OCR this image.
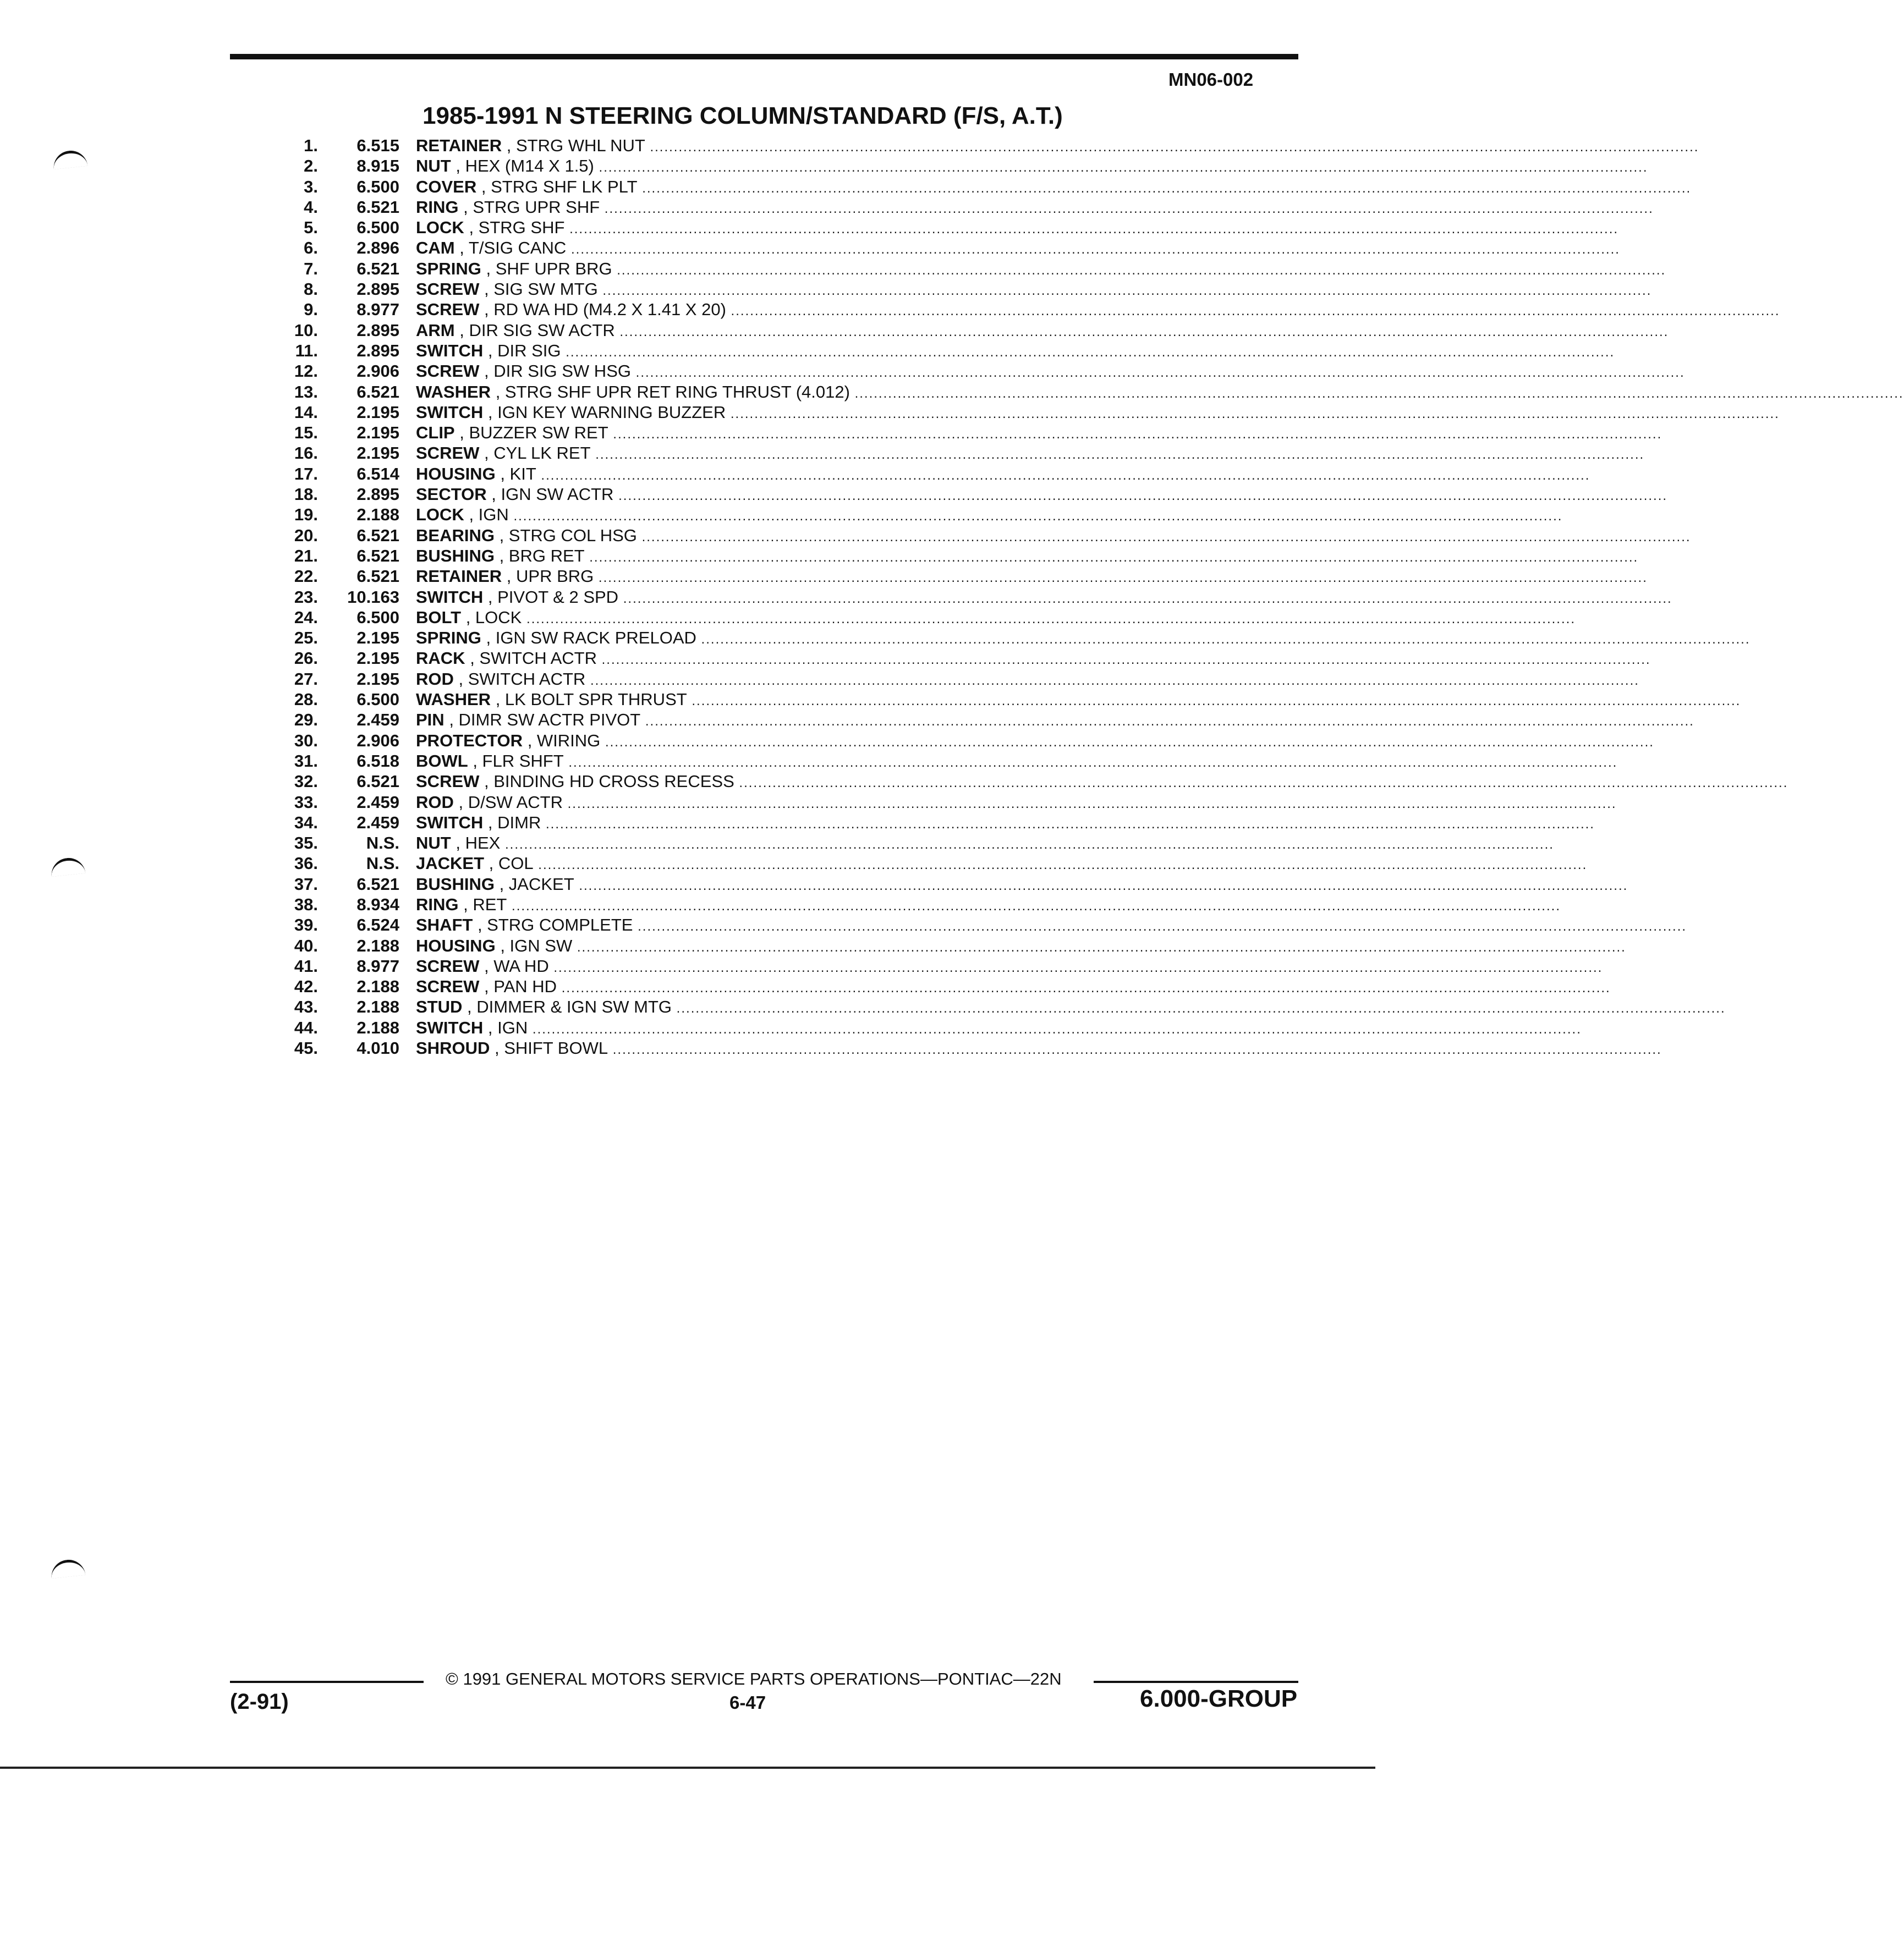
MN06-002
1985-1991 N STEERING COLUMN/STANDARD (F/S, A.T.)
1.	6.515 RETAINER , STRG WHL NUT ............................................................................................................................................................................................................................
2.	8.915 NUT , HEX (M14 X 1.5) ............................................................................................................................................................................................................................
3.	6.500 COVER , STRG SHF LK PLT ............................................................................................................................................................................................................................
4.	6.521 RING , STRG UPR SHF ............................................................................................................................................................................................................................
5.	6.500 LOCK , STRG SHF ............................................................................................................................................................................................................................
6.	2.896 CAM , T/SIG CANC ............................................................................................................................................................................................................................
7.	6.521 SPRING , SHF UPR BRG ............................................................................................................................................................................................................................
8.	2.895 SCREW , SIG SW MTG ............................................................................................................................................................................................................................
9.	8.977 SCREW , RD WA HD (M4.2 X 1.41 X 20) ............................................................................................................................................................................................................................
10.	2.895 ARM , DIR SIG SW ACTR ............................................................................................................................................................................................................................
11.	2.895 SWITCH , DIR SIG ............................................................................................................................................................................................................................
12.	2.906 SCREW , DIR SIG SW HSG ............................................................................................................................................................................................................................
13.	6.521 WASHER , STRG SHF UPR RET RING THRUST (4.012) ............................................................................................................................................................................................................................
14.	2.195 SWITCH , IGN KEY WARNING BUZZER ............................................................................................................................................................................................................................
15.	2.195 CLIP , BUZZER SW RET ............................................................................................................................................................................................................................
16.	2.195 SCREW , CYL LK RET ............................................................................................................................................................................................................................
17.	6.514 HOUSING , KIT ............................................................................................................................................................................................................................
18.	2.895 SECTOR , IGN SW ACTR ............................................................................................................................................................................................................................
19.	2.188 LOCK , IGN ............................................................................................................................................................................................................................
20.	6.521 BEARING , STRG COL HSG ............................................................................................................................................................................................................................
21.	6.521 BUSHING , BRG RET ............................................................................................................................................................................................................................
22.	6.521 RETAINER , UPR BRG ............................................................................................................................................................................................................................
23.	10.163 SWITCH , PIVOT & 2 SPD ............................................................................................................................................................................................................................
24.	6.500 BOLT , LOCK ............................................................................................................................................................................................................................
25.	2.195 SPRING , IGN SW RACK PRELOAD ............................................................................................................................................................................................................................
26.	2.195 RACK , SWITCH ACTR ............................................................................................................................................................................................................................
27.	2.195 ROD , SWITCH ACTR ............................................................................................................................................................................................................................
28.	6.500 WASHER , LK BOLT SPR THRUST ............................................................................................................................................................................................................................
29.	2.459 PIN , DIMR SW ACTR PIVOT ............................................................................................................................................................................................................................
30.	2.906 PROTECTOR , WIRING ............................................................................................................................................................................................................................
31.	6.518 BOWL , FLR SHFT ............................................................................................................................................................................................................................
32.	6.521 SCREW , BINDING HD CROSS RECESS ............................................................................................................................................................................................................................
33.	2.459 ROD , D/SW ACTR ............................................................................................................................................................................................................................
34.	2.459 SWITCH , DIMR ............................................................................................................................................................................................................................
35.	N.S. NUT , HEX ............................................................................................................................................................................................................................
36.	N.S. JACKET , COL ............................................................................................................................................................................................................................
37.	6.521 BUSHING , JACKET ............................................................................................................................................................................................................................
38.	8.934 RING , RET ............................................................................................................................................................................................................................
39.	6.524 SHAFT , STRG COMPLETE ............................................................................................................................................................................................................................
40.	2.188 HOUSING , IGN SW ............................................................................................................................................................................................................................
41.	8.977 SCREW , WA HD ............................................................................................................................................................................................................................
42.	2.188 SCREW , PAN HD ............................................................................................................................................................................................................................
43.	2.188 STUD , DIMMER & IGN SW MTG ............................................................................................................................................................................................................................
44.	2.188 SWITCH , IGN ............................................................................................................................................................................................................................
45.	4.010 SHROUD , SHIFT BOWL ............................................................................................................................................................................................................................
© 1991 GENERAL MOTORS SERVICE PARTS OPERATIONS—PONTIAC—22N
6-47
(2-91)	6.000-GROUP
